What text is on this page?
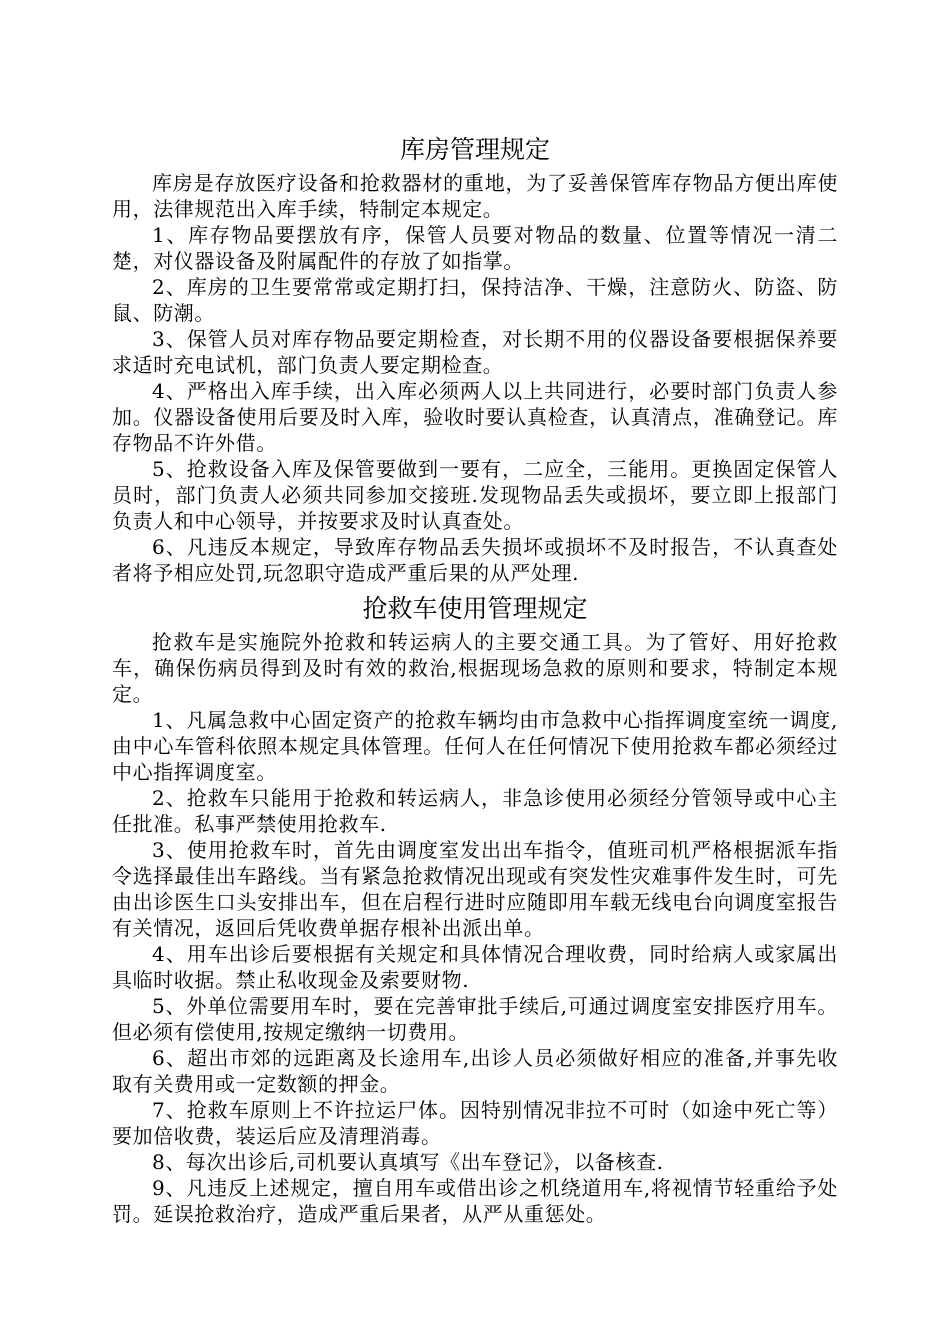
库房管理规定

库房是存放医疗设备和抢救器材的重地，为了妥善保管库存物品方便出库使用，法律规范出入库手续，特制定本规定。

1、库存物品要摆放有序，保管人员要对物品的数量、位置等情况一清二楚，对仪器设备及附属配件的存放了如指掌。

2、库房的卫生要常常或定期打扫，保持洁净、干燥，注意防火、防盗、防鼠、防潮。

3、保管人员对库存物品要定期检查，对长期不用的仪器设备要根据保养要求适时充电试机，部门负责人要定期检查。

4、严格出入库手续，出入库必须两人以上共同进行，必要时部门负责人参加。仪器设备使用后要及时入库，验收时要认真检查，认真清点，准确登记。库存物品不许外借。

5、抢救设备入库及保管要做到一要有，二应全，三能用。更换固定保管人员时，部门负责人必须共同参加交接班.发现物品丢失或损坏，要立即上报部门负责人和中心领导，并按要求及时认真查处。

6、凡违反本规定，导致库存物品丢失损坏或损坏不及时报告，不认真查处者将予相应处罚,玩忽职守造成严重后果的从严处理.

抢救车使用管理规定

抢救车是实施院外抢救和转运病人的主要交通工具。为了管好、用好抢救车，确保伤病员得到及时有效的救治,根据现场急救的原则和要求，特制定本规定。

1、凡属急救中心固定资产的抢救车辆均由市急救中心指挥调度室统一调度,由中心车管科依照本规定具体管理。任何人在任何情况下使用抢救车都必须经过中心指挥调度室。

2、抢救车只能用于抢救和转运病人，非急诊使用必须经分管领导或中心主任批准。私事严禁使用抢救车.

3、使用抢救车时，首先由调度室发出出车指令，值班司机严格根据派车指令选择最佳出车路线。当有紧急抢救情况出现或有突发性灾难事件发生时，可先由出诊医生口头安排出车，但在启程行进时应随即用车载无线电台向调度室报告有关情况，返回后凭收费单据存根补出派出单。

4、用车出诊后要根据有关规定和具体情况合理收费，同时给病人或家属出具临时收据。禁止私收现金及索要财物.

5、外单位需要用车时，要在完善审批手续后,可通过调度室安排医疗用车。但必须有偿使用,按规定缴纳一切费用。

6、超出市郊的远距离及长途用车,出诊人员必须做好相应的准备,并事先收取有关费用或一定数额的押金。

7、抢救车原则上不许拉运尸体。因特别情况非拉不可时（如途中死亡等）要加倍收费，装运后应及清理消毒。

8、每次出诊后,司机要认真填写《出车登记》，以备核查.

9、凡违反上述规定，擅自用车或借出诊之机绕道用车,将视情节轻重给予处罚。延误抢救治疗，造成严重后果者，从严从重惩处。
